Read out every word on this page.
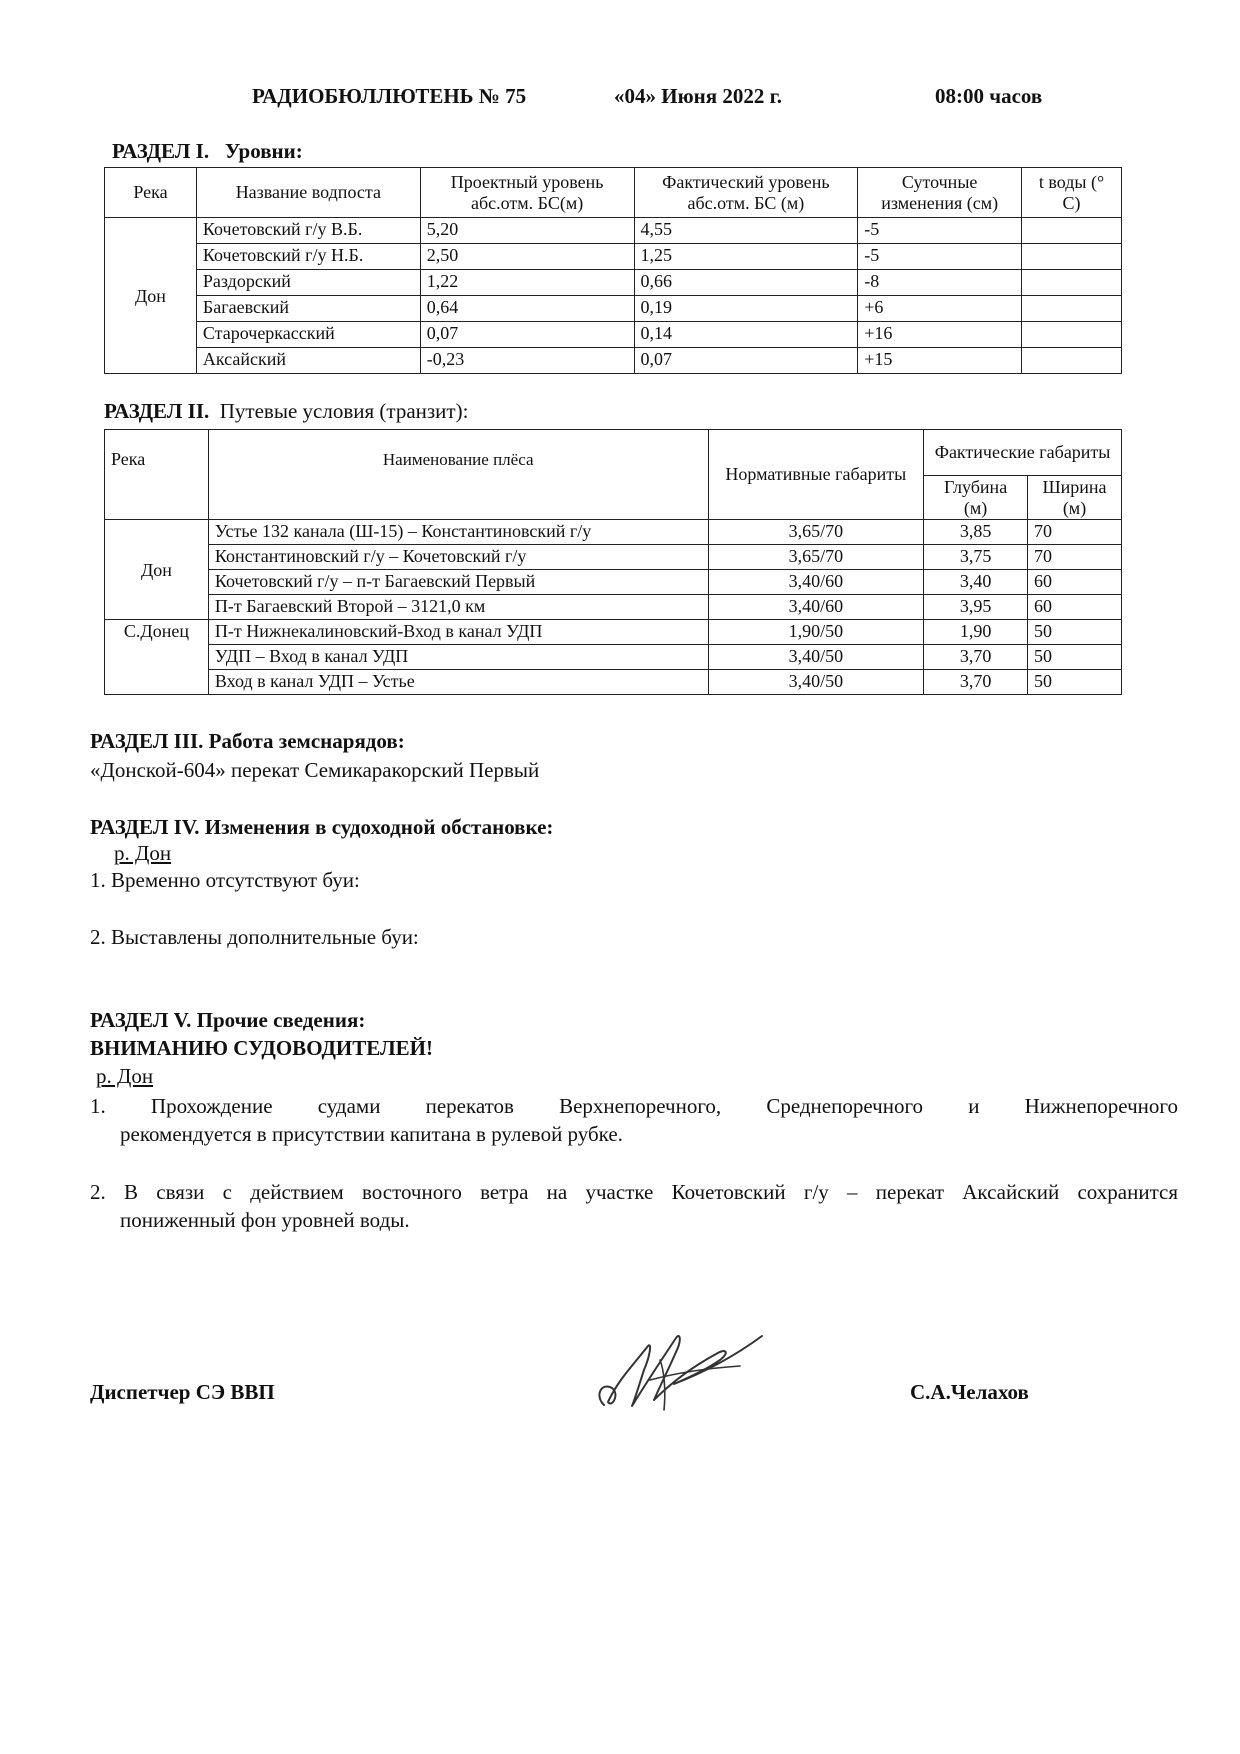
РАДИОБЮЛЛЮТЕНЬ № 75	«04» Июня 2022 г.	08:00 часов
РАЗДЕЛ I. Уровни:
Река	Название водпоста	Проектный уровень абс.отм. БС(м)	Фактический уровень абс.отм. БС (м)	Суточные изменения (см)	t воды (° С)
Дон	Кочетовский г/у В.Б.	5,20	4,55	-5	
	Кочетовский г/у Н.Б.	2,50	1,25	-5	
	Раздорский	1,22	0,66	-8	
	Багаевский	0,64	0,19	+6	
	Старочеркасский	0,07	0,14	+16	
	Аксайский	-0,23	0,07	+15	
РАЗДЕЛ II. Путевые условия (транзит):
Река	Наименование плёса	Нормативные габариты	Фактические габариты	
			Глубина (м)	Ширина (м)
Дон	Устье 132 канала (Ш-15) – Константиновский г/у	3,65/70	3,85	70
	Константиновский г/у – Кочетовский г/у	3,65/70	3,75	70
	Кочетовский г/у – п-т Багаевский Первый	3,40/60	3,40	60
	П-т Багаевский Второй – 3121,0 км	3,40/60	3,95	60
С.Донец	П-т Нижнекалиновский-Вход в канал УДП	1,90/50	1,90	50
	УДП – Вход в канал УДП	3,40/50	3,70	50
	Вход в канал УДП – Устье	3,40/50	3,70	50
РАЗДЕЛ III. Работа земснарядов:
«Донской-604» перекат Семикаракорский Первый
РАЗДЕЛ IV. Изменения в судоходной обстановке:
р. Дон
1. Временно отсутствуют буи:
2. Выставлены дополнительные буи:
РАЗДЕЛ V. Прочие сведения:
ВНИМАНИЮ СУДОВОДИТЕЛЕЙ!
р. Дон
1. Прохождение судами перекатов Верхнепоречного, Среднепоречного и Нижнепоречного
рекомендуется в присутствии капитана в рулевой рубке.
2. В связи с действием восточного ветра на участке Кочетовский г/у – перекат Аксайский сохранится
пониженный фон уровней воды.
Диспетчер СЭ ВВП	С.А.Челахов
